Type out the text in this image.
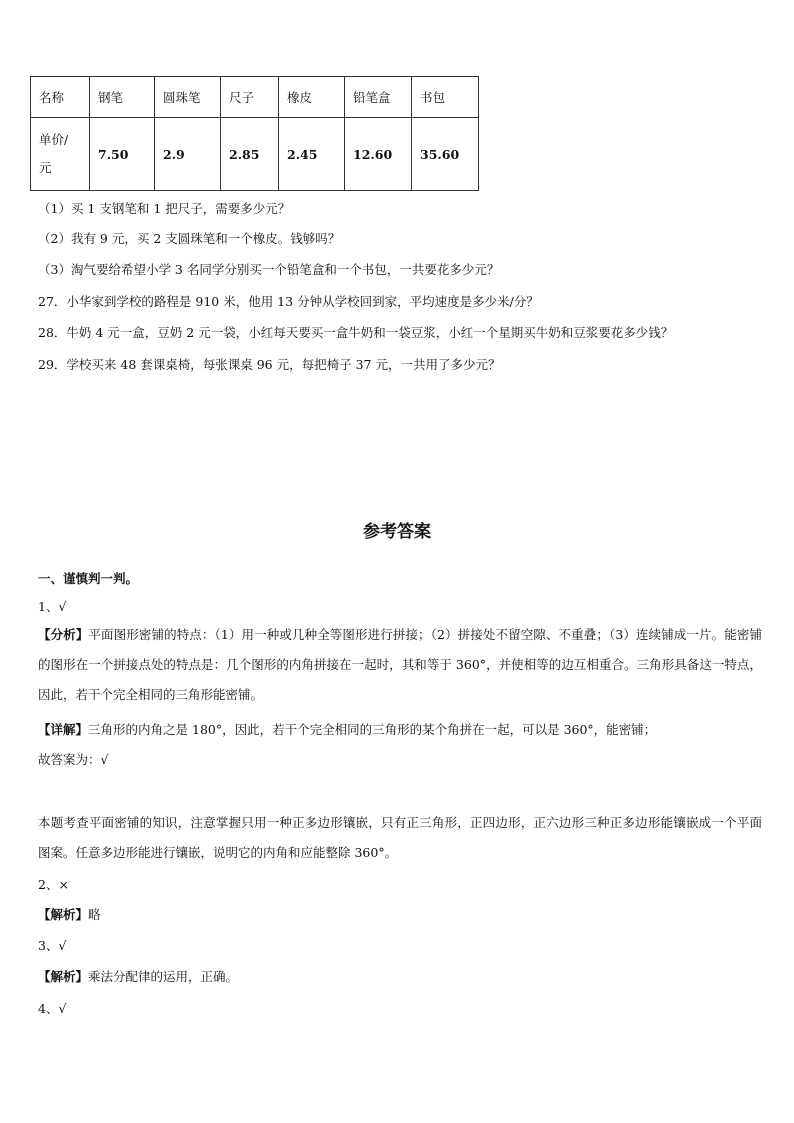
名称	钢笔	圆珠笔	尺子	橡皮	铅笔盒	书包

单价/
元	7.50	2.9	2.85	2.45	12.60	35.60
（1）买 1 支钢笔和 1 把尺子，需要多少元？
（2）我有 9 元，买 2 支圆珠笔和一个橡皮。钱够吗？
（3）淘气要给希望小学 3 名同学分别买一个铅笔盒和一个书包，一共要花多少元？
27．小华家到学校的路程是 910 米，他用 13 分钟从学校回到家，平均速度是多少米/分？
28．牛奶 4 元一盒，豆奶 2 元一袋，小红每天要买一盒牛奶和一袋豆浆，小红一个星期买牛奶和豆浆要花多少钱？
29．学校买来 48 套课桌椅，每张课桌 96 元，每把椅子 37 元，一共用了多少元？
参考答案
一、谨慎判一判。
1、√
【分析】平面图形密铺的特点：（1）用一种或几种全等图形进行拼接；（2）拼接处不留空隙、不重叠；（3）连续铺成一片。能密铺的图形在一个拼接点处的特点是：几个图形的内角拼接在一起时，其和等于 360°，并使相等的边互相重合。三角形具备这一特点，因此，若干个完全相同的三角形能密铺。
【详解】三角形的内角之是 180°，因此，若干个完全相同的三角形的某个角拼在一起，可以是 360°，能密铺；
故答案为：√
本题考查平面密铺的知识，注意掌握只用一种正多边形镶嵌，只有正三角形，正四边形，正六边形三种正多边形能镶嵌成一个平面图案。任意多边形能进行镶嵌，说明它的内角和应能整除 360°。
2、×
【解析】略
3、√
【解析】乘法分配律的运用，正确。
4、√
